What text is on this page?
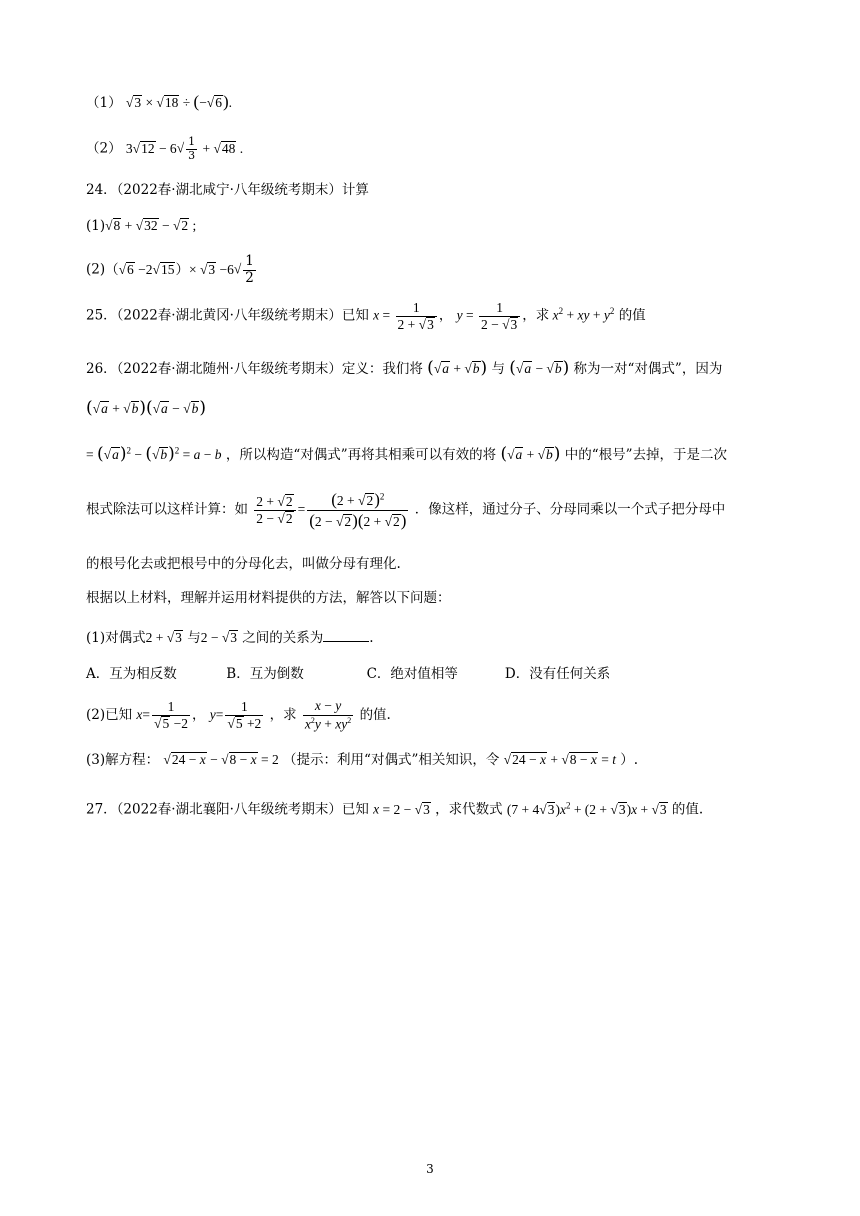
（1） √3 × √18 ÷ (−√6).
（2） $3√12 - 6√ \frac{1}{3} + √48$ .
24．（2022春·湖北咸宁·八年级统考期末）计算
(1)√8 + √32 − √2 ;
$(2)(√6 -2√15)\times √3 -6√ \frac{1}{2}$
25．（2022春·湖北黄冈·八年级统考期末）已知 $x = \frac{1}{2 + √3}$ ， $y = \frac{1}{2 - √3}$ ，求 $x^2$ + xy + $y^2$ 的值
26．（2022春·湖北随州·八年级统考期末）定义：我们将 (√a + √b) 与 (√a − √b) 称为一对“对偶式”，因为
(√a + √b)(√a − √b)
= $(√a)^2 - (√b)^2 = a - b$ ，所以构造“对偶式”再将其相乘可以有效的将 (√a + √b) 中的“根号”去掉，于是二次
根式除法可以这样计算：如 $\frac{2 + √2}{2 - √2} = \frac{(2 + √2)^2}{(2 - √2)(2 + √2)}$ ．像这样，通过分子、分母同乘以一个式子把分母中
的根号化去或把根号中的分母化去，叫做分母有理化.
根据以上材料，理解并运用材料提供的方法，解答以下问题：
(1)对偶式2 + √3 与2 − √3 之间的关系为	.
A．互为相反数	B．互为倒数	C．绝对值相等	D．没有任何关系
(2)已知 $x= \frac{1}{√5 -2}$ ， $y= \frac{1}{√5 +2}$ ，求 $\frac{x - y}{x^2y + xy^2}$ 的值.
(3)解方程： √24 − x − √8 − x = 2 （提示：利用“对偶式”相关知识，令 √24 − x + √8 − x = t ）.
27．（2022春·湖北襄阳·八年级统考期末）已知 x = 2 − √3 ，求代数式 $(7 + 4√3)x^2 + (2 + √3)x + √3$ 的值.
3
